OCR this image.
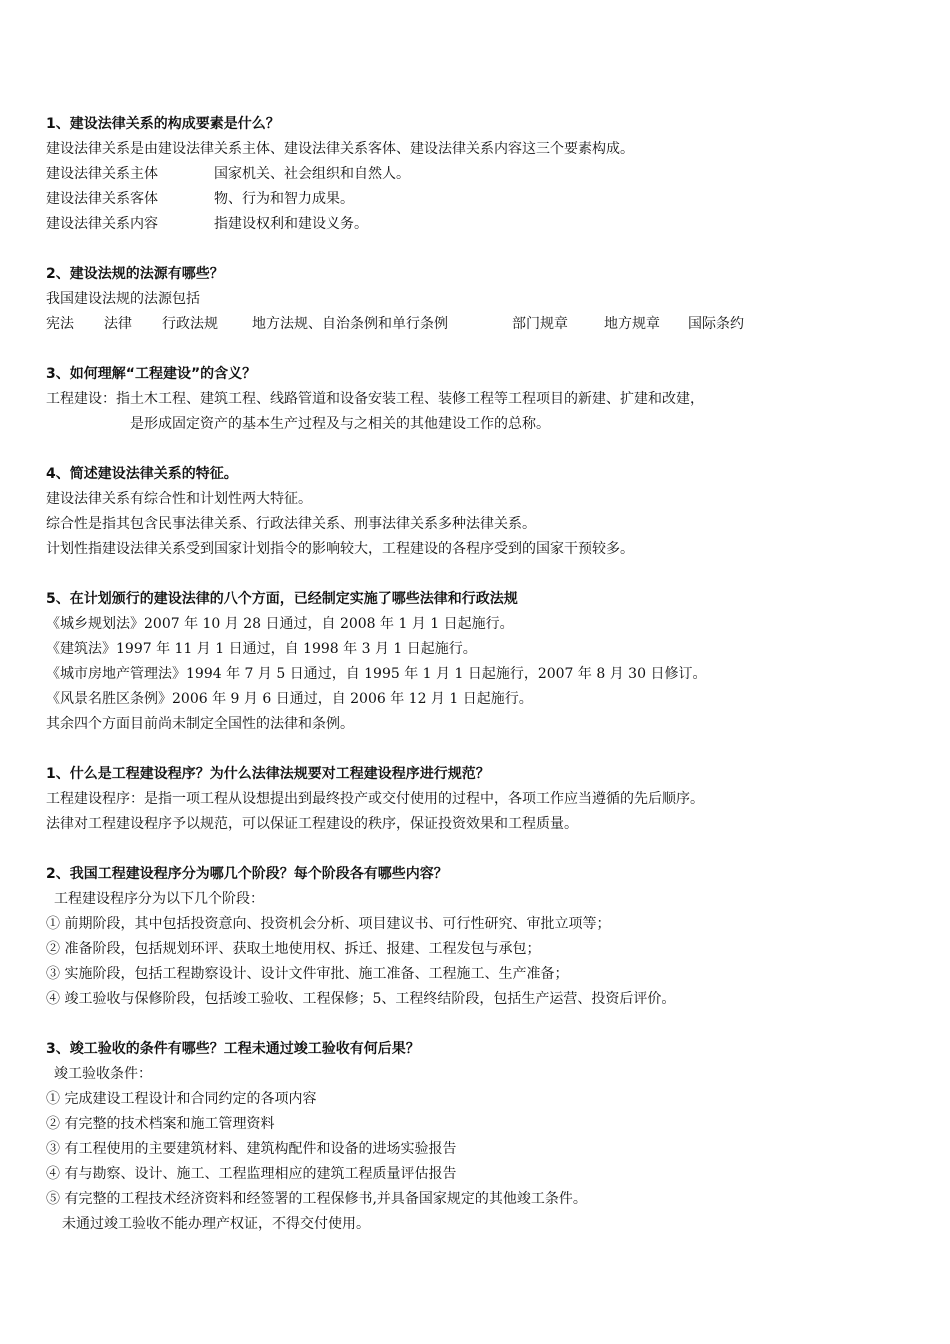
1、建设法律关系的构成要素是什么？
建设法律关系是由建设法律关系主体、建设法律关系客体、建设法律关系内容这三个要素构成。
建设法律关系主体	国家机关、社会组织和自然人。
建设法律关系客体	物、行为和智力成果。
建设法律关系内容	指建设权利和建设义务。
2、建设法规的法源有哪些？
我国建设法规的法源包括
宪法 法律 行政法规 地方法规、自治条例和单行条例	部门规章	地方规章 国际条约
3、如何理解“工程建设”的含义？
工程建设：指土木工程、建筑工程、线路管道和设备安装工程、装修工程等工程项目的新建、扩建和改建，
是形成固定资产的基本生产过程及与之相关的其他建设工作的总称。
4、简述建设法律关系的特征。
建设法律关系有综合性和计划性两大特征。
综合性是指其包含民事法律关系、行政法律关系、刑事法律关系多种法律关系。
计划性指建设法律关系受到国家计划指令的影响较大，工程建设的各程序受到的国家干预较多。
5、在计划颁行的建设法律的八个方面，已经制定实施了哪些法律和行政法规
《城乡规划法》2007 年 10 月 28 日通过，自 2008 年 1 月 1 日起施行。
《建筑法》1997 年 11 月 1 日通过，自 1998 年 3 月 1 日起施行。
《城市房地产管理法》1994 年 7 月 5 日通过，自 1995 年 1 月 1 日起施行，2007 年 8 月 30 日修订。
《风景名胜区条例》2006 年 9 月 6 日通过，自 2006 年 12 月 1 日起施行。
其余四个方面目前尚未制定全国性的法律和条例。
1、什么是工程建设程序？为什么法律法规要对工程建设程序进行规范？
工程建设程序：是指一项工程从设想提出到最终投产或交付使用的过程中，各项工作应当遵循的先后顺序。
法律对工程建设程序予以规范，可以保证工程建设的秩序，保证投资效果和工程质量。
2、我国工程建设程序分为哪几个阶段？每个阶段各有哪些内容？
工程建设程序分为以下几个阶段：
① 前期阶段，其中包括投资意向、投资机会分析、项目建议书、可行性研究、审批立项等；
② 准备阶段，包括规划环评、获取土地使用权、拆迁、报建、工程发包与承包；
③ 实施阶段，包括工程勘察设计、设计文件审批、施工准备、工程施工、生产准备；
④ 竣工验收与保修阶段，包括竣工验收、工程保修；5、工程终结阶段，包括生产运营、投资后评价。
3、竣工验收的条件有哪些？工程未通过竣工验收有何后果？
竣工验收条件：
① 完成建设工程设计和合同约定的各项内容
② 有完整的技术档案和施工管理资料
③ 有工程使用的主要建筑材料、建筑构配件和设备的进场实验报告
④ 有与勘察、设计、施工、工程监理相应的建筑工程质量评估报告
⑤ 有完整的工程技术经济资料和经签署的工程保修书,并具备国家规定的其他竣工条件。
未通过竣工验收不能办理产权证，不得交付使用。
